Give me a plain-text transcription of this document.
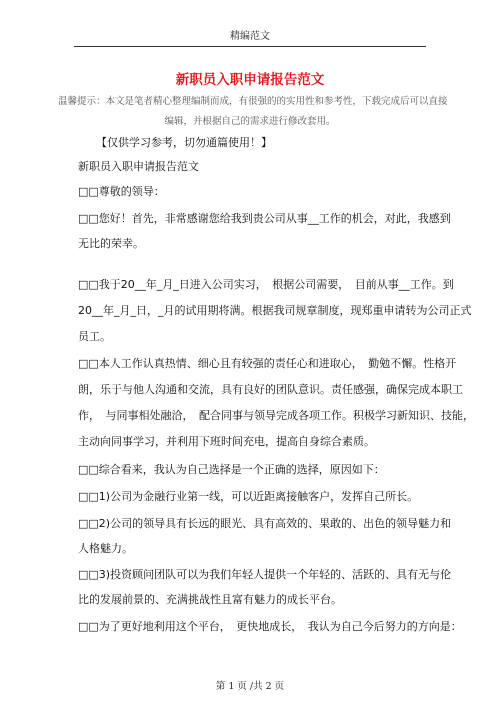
精编范文
新职员入职申请报告范文
温馨提示：本文是笔者精心整理编制而成，有很强的的实用性和参考性，下载完成后可以直接
编辑，并根据自己的需求进行修改套用。
【仅供学习参考，切勿通篇使用！】
新职员入职申请报告范文
□□尊敬的领导：
□□您好！首先，非常感谢您给我到贵公司从事__工作的机会，对此，我感到
无比的荣幸。
□□我于20__年_月_日进入公司实习，　根据公司需要，　目前从事__工作。到
20__年_月_日，_月的试用期将满。根据我司规章制度，现郑重申请转为公司正式
员工。
□□本人工作认真热情、细心且有较强的责任心和进取心，　勤勉不懈。性格开
朗，乐于与他人沟通和交流，具有良好的团队意识。责任感强，确保完成本职工
作，　与同事相处融洽，　配合同事与领导完成各项工作。积极学习新知识、技能，
主动向同事学习，并利用下班时间充电，提高自身综合素质。
□□综合看来，我认为自己选择是一个正确的选择，原因如下：
□□1)公司为金融行业第一线，可以近距离接触客户，发挥自己所长。
□□2)公司的领导具有长远的眼光、具有高效的、果敢的、出色的领导魅力和
人格魅力。
□□3)投资顾问团队可以为我们年轻人提供一个年轻的、活跃的、具有无与伦
比的发展前景的、充满挑战性且富有魅力的成长平台。
□□为了更好地利用这个平台，　更快地成长，　我认为自己今后努力的方向是：
第 1 页 /共 2 页
